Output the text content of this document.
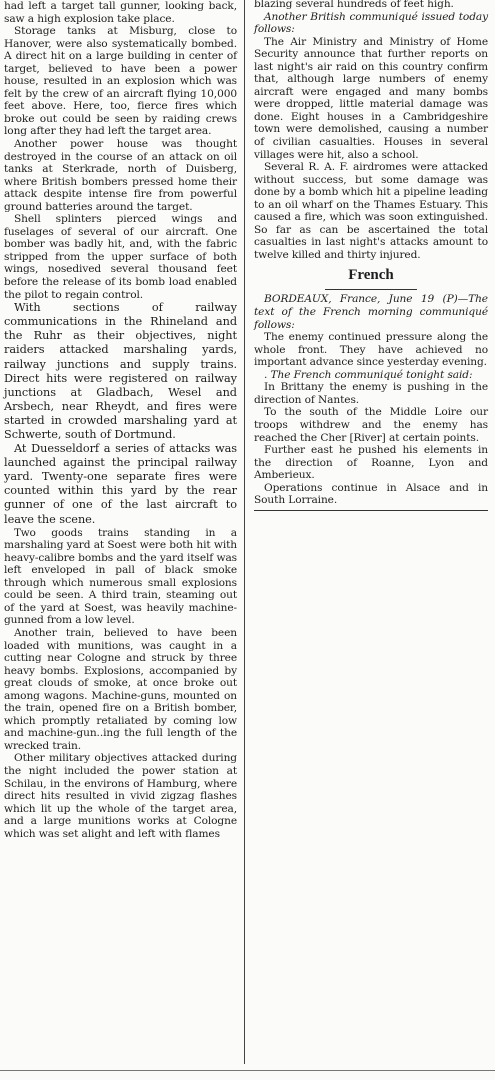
had left a target tall gunner, looking back, saw a high explosion take place.

Storage tanks at Misburg, close to Hanover, were also systematically bombed. A direct hit on a large building in center of target, believed to have been a power house, resulted in an explosion which was felt by the crew of an aircraft flying 10,000 feet above. Here, too, fierce fires which broke out could be seen by raiding crews long after they had left the target area.

Another power house was thought destroyed in the course of an attack on oil tanks at Sterkrade, north of Duisberg, where British bombers pressed home their attack despite intense fire from powerful ground batteries around the target.

Shell splinters pierced wings and fuselages of several of our aircraft. One bomber was badly hit, and, with the fabric stripped from the upper surface of both wings, nosedived several thousand feet before the release of its bomb load enabled the pilot to regain control.

With sections of railway communications in the Rhineland and the Ruhr as their objectives, night raiders attacked marshaling yards, railway junctions and supply trains. Direct hits were registered on railway junctions at Gladbach, Wesel and Arsbech, near Rheydt, and fires were started in crowded marshaling yard at Schwerte, south of Dortmund.

At Duesseldorf a series of attacks was launched against the principal railway yard. Twenty-one separate fires were counted within this yard by the rear gunner of one of the last aircraft to leave the scene.

Two goods trains standing in a marshaling yard at Soest were both hit with heavy-calibre bombs and the yard itself was left enveloped in pall of black smoke through which numerous small explosions could be seen. A third train, steaming out of the yard at Soest, was heavily machine-gunned from a low level.

Another train, believed to have been loaded with munitions, was caught in a cutting near Cologne and struck by three heavy bombs. Explosions, accompanied by great clouds of smoke, at once broke out among wagons. Machine-guns, mounted on the train, opened fire on a British bomber, which promptly retaliated by coming low and machine-gun..ing the full length of the wrecked train.

Other military objectives attacked during the night included the power station at Schilau, in the environs of Hamburg, where direct hits resulted in vivid zigzag flashes which lit up the whole of the target area, and a large munitions works at Cologne which was set alight and left with flames

blazing several hundreds of feet high.

Another British communiqué issued today follows:

The Air Ministry and Ministry of Home Security announce that further reports on last night's air raid on this country confirm that, although large numbers of enemy aircraft were engaged and many bombs were dropped, little material damage was done. Eight houses in a Cambridgeshire town were demolished, causing a number of civilian casualties. Houses in several villages were hit, also a school.

Several R. A. F. airdromes were attacked without success, but some damage was done by a bomb which hit a pipeline leading to an oil wharf on the Thames Estuary. This caused a fire, which was soon extinguished. So far as can be ascertained the total casualties in last night's attacks amount to twelve killed and thirty injured.

French

BORDEAUX, France, June 19 (P)—The text of the French morning communiqué follows:

The enemy continued pressure along the whole front. They have achieved no important advance since yesterday evening.

. The French communiqué tonight said:

In Brittany the enemy is pushing in the direction of Nantes.

To the south of the Middle Loire our troops withdrew and the enemy has reached the Cher [River] at certain points.

Further east he pushed his elements in the direction of Roanne, Lyon and Amberieux.

Operations continue in Alsace and in South Lorraine.
